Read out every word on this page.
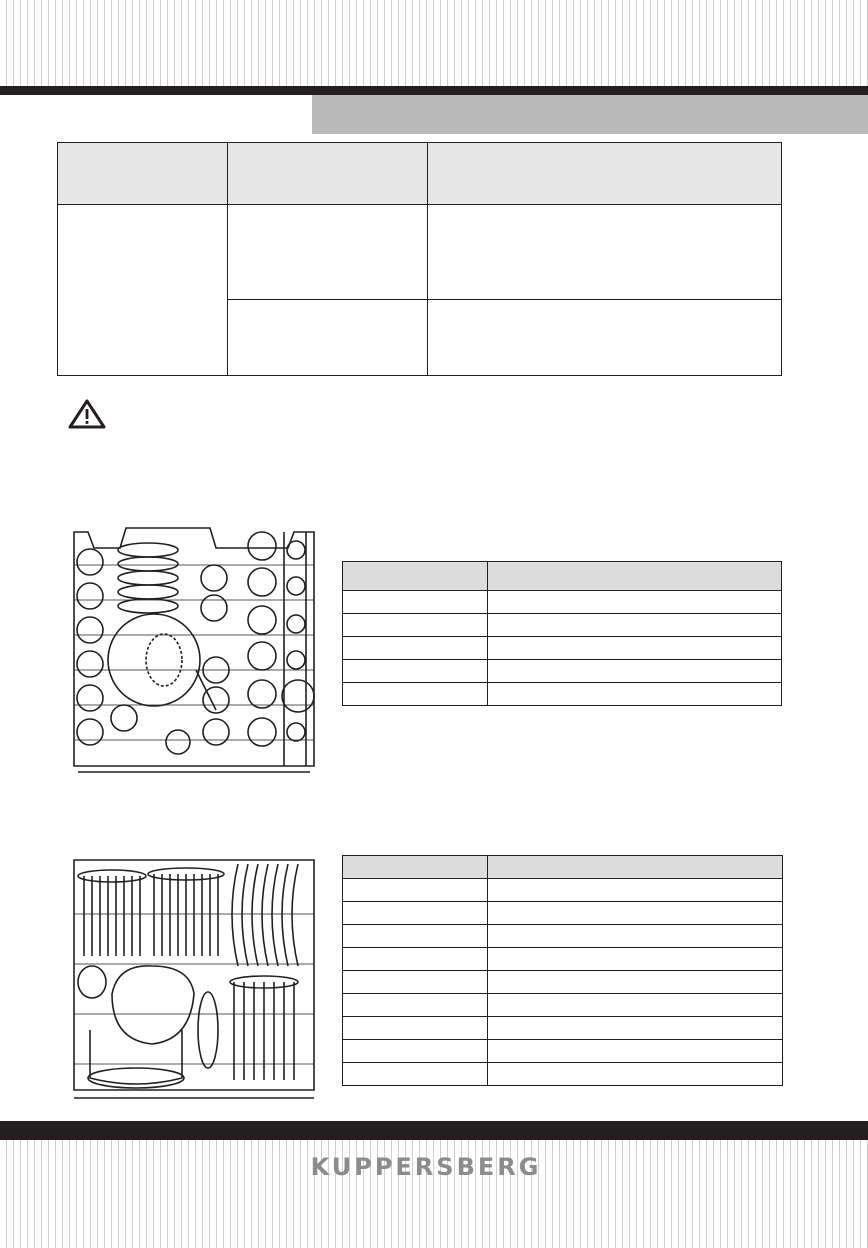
KUPPERSBERG
